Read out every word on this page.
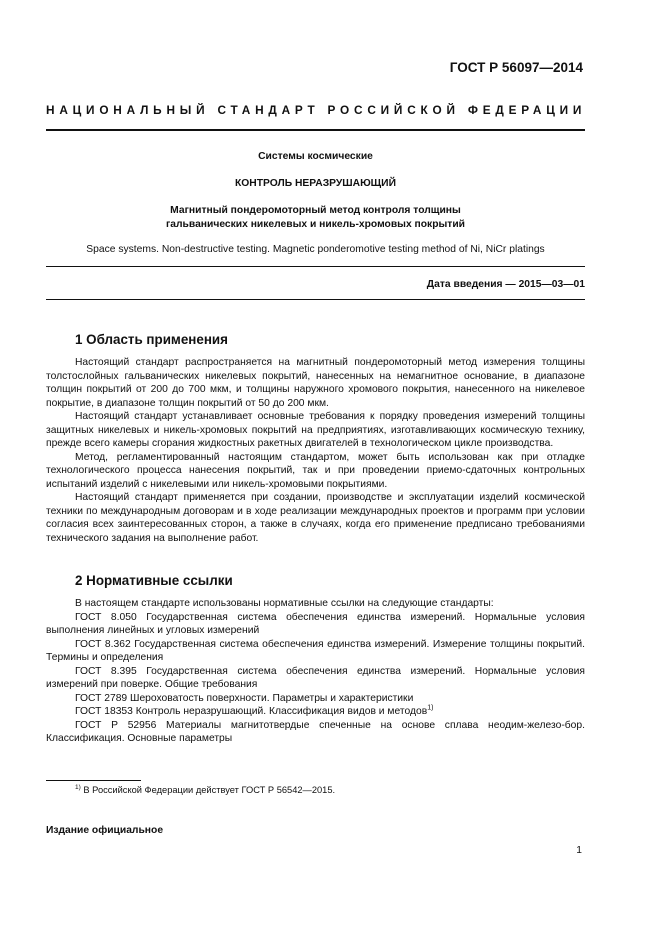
ГОСТ Р 56097—2014
НАЦИОНАЛЬНЫЙ СТАНДАРТ РОССИЙСКОЙ ФЕДЕРАЦИИ
Системы космические
КОНТРОЛЬ НЕРАЗРУШАЮЩИЙ
Магнитный пондеромоторный метод контроля толщины
гальванических никелевых и никель-хромовых покрытий
Space systems. Non-destructive testing. Magnetic ponderomotive testing method of Ni, NiCr platings
Дата введения — 2015—03—01
1 Область применения

Настоящий стандарт распространяется на магнитный пондеромоторный метод измерения толщины толстослойных гальванических никелевых покрытий, нанесенных на немагнитное основание, в диапазоне толщин покрытий от 200 до 700 мкм, и толщины наружного хромового покрытия, нанесенного на никелевое покрытие, в диапазоне толщин покрытий от 50 до 200 мкм.

Настоящий стандарт устанавливает основные требования к порядку проведения измерений толщины защитных никелевых и никель-хромовых покрытий на предприятиях, изготавливающих космическую технику, прежде всего камеры сгорания жидкостных ракетных двигателей в технологическом цикле производства.

Метод, регламентированный настоящим стандартом, может быть использован как при отладке технологического процесса нанесения покрытий, так и при проведении приемо-сдаточных контрольных испытаний изделий с никелевыми или никель-хромовыми покрытиями.

Настоящий стандарт применяется при создании, производстве и эксплуатации изделий космической техники по международным договорам и в ходе реализации международных проектов и программ при условии согласия всех заинтересованных сторон, а также в случаях, когда его применение предписано требованиями технического задания на выполнение работ.

2 Нормативные ссылки

В настоящем стандарте использованы нормативные ссылки на следующие стандарты:

ГОСТ 8.050 Государственная система обеспечения единства измерений. Нормальные условия выполнения линейных и угловых измерений

ГОСТ 8.362 Государственная система обеспечения единства измерений. Измерение толщины покрытий. Термины и определения

ГОСТ 8.395 Государственная система обеспечения единства измерений. Нормальные условия измерений при поверке. Общие требования

ГОСТ 2789 Шероховатость поверхности. Параметры и характеристики

ГОСТ 18353 Контроль неразрушающий. Классификация видов и методов$^{1)}$

ГОСТ Р 52956 Материалы магнитотвердые спеченные на основе сплава неодим-железо-бор. Классификация. Основные параметры

$^{1)}$ В Российской Федерации действует ГОСТ Р 56542—2015.
Издание официальное
1
